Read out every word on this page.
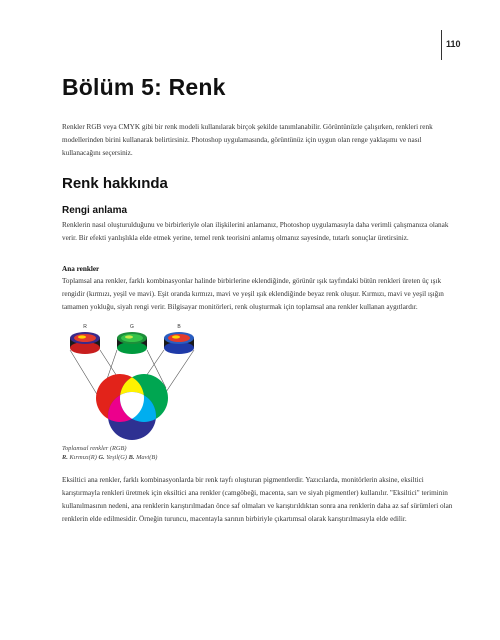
110
Bölüm 5: Renk

Renkler RGB veya CMYK gibi bir renk modeli kullanılarak birçok şekilde tanımlanabilir. Görüntünüzle çalışırken, renkleri renk modellerinden birini kullanarak belirtirsiniz. Photoshop uygulamasında, görüntünüz için uygun olan renge yaklaşımı ve nasıl kullanacağını seçersiniz.

Renk hakkında
Rengi anlama

Renklerin nasıl oluşturulduğunu ve birbirleriyle olan ilişkilerini anlamanız, Photoshop uygulamasıyla daha verimli çalışmanıza olanak verir. Bir efekti yanlışlıkla elde etmek yerine, temel renk teorisini anlamış olmanız sayesinde, tutarlı sonuçlar üretirsiniz.

Ana renkler

Toplamsal ana renkler, farklı kombinasyonlar halinde birbirlerine eklendiğinde, görünür ışık tayfındaki bütün renkleri üreten üç ışık rengidir (kırmızı, yeşil ve mavi). Eşit oranda kırmızı, mavi ve yeşil ışık eklendiğinde beyaz renk oluşur. Kırmızı, mavi ve yeşil ışığın tamamen yokluğu, siyah rengi verir. Bilgisayar monitörleri, renk oluşturmak için toplamsal ana renkler kullanan aygıtlardır.

R	G	B

Toplamsal renkler (RGB)

R. Kırmızı(R) G. Yeşil(G) B. Mavi(B)

Eksiltici ana renkler, farklı kombinasyonlarda bir renk tayfı oluşturan pigmentlerdir. Yazıcılarda, monitörlerin aksine, eksiltici karıştırmayla renkleri üretmek için eksiltici ana renkler (camgöbeği, macenta, sarı ve siyah pigmentler) kullanılır. "Eksiltici" teriminin kullanılmasının nedeni, ana renklerin karıştırılmadan önce saf olmaları ve karıştırıldıktan sonra ana renklerin daha az saf sürümleri olan renklerin elde edilmesidir. Örneğin turuncu, macentayla sarının birbiriyle çıkartımsal olarak karıştırılmasıyla elde edilir.
